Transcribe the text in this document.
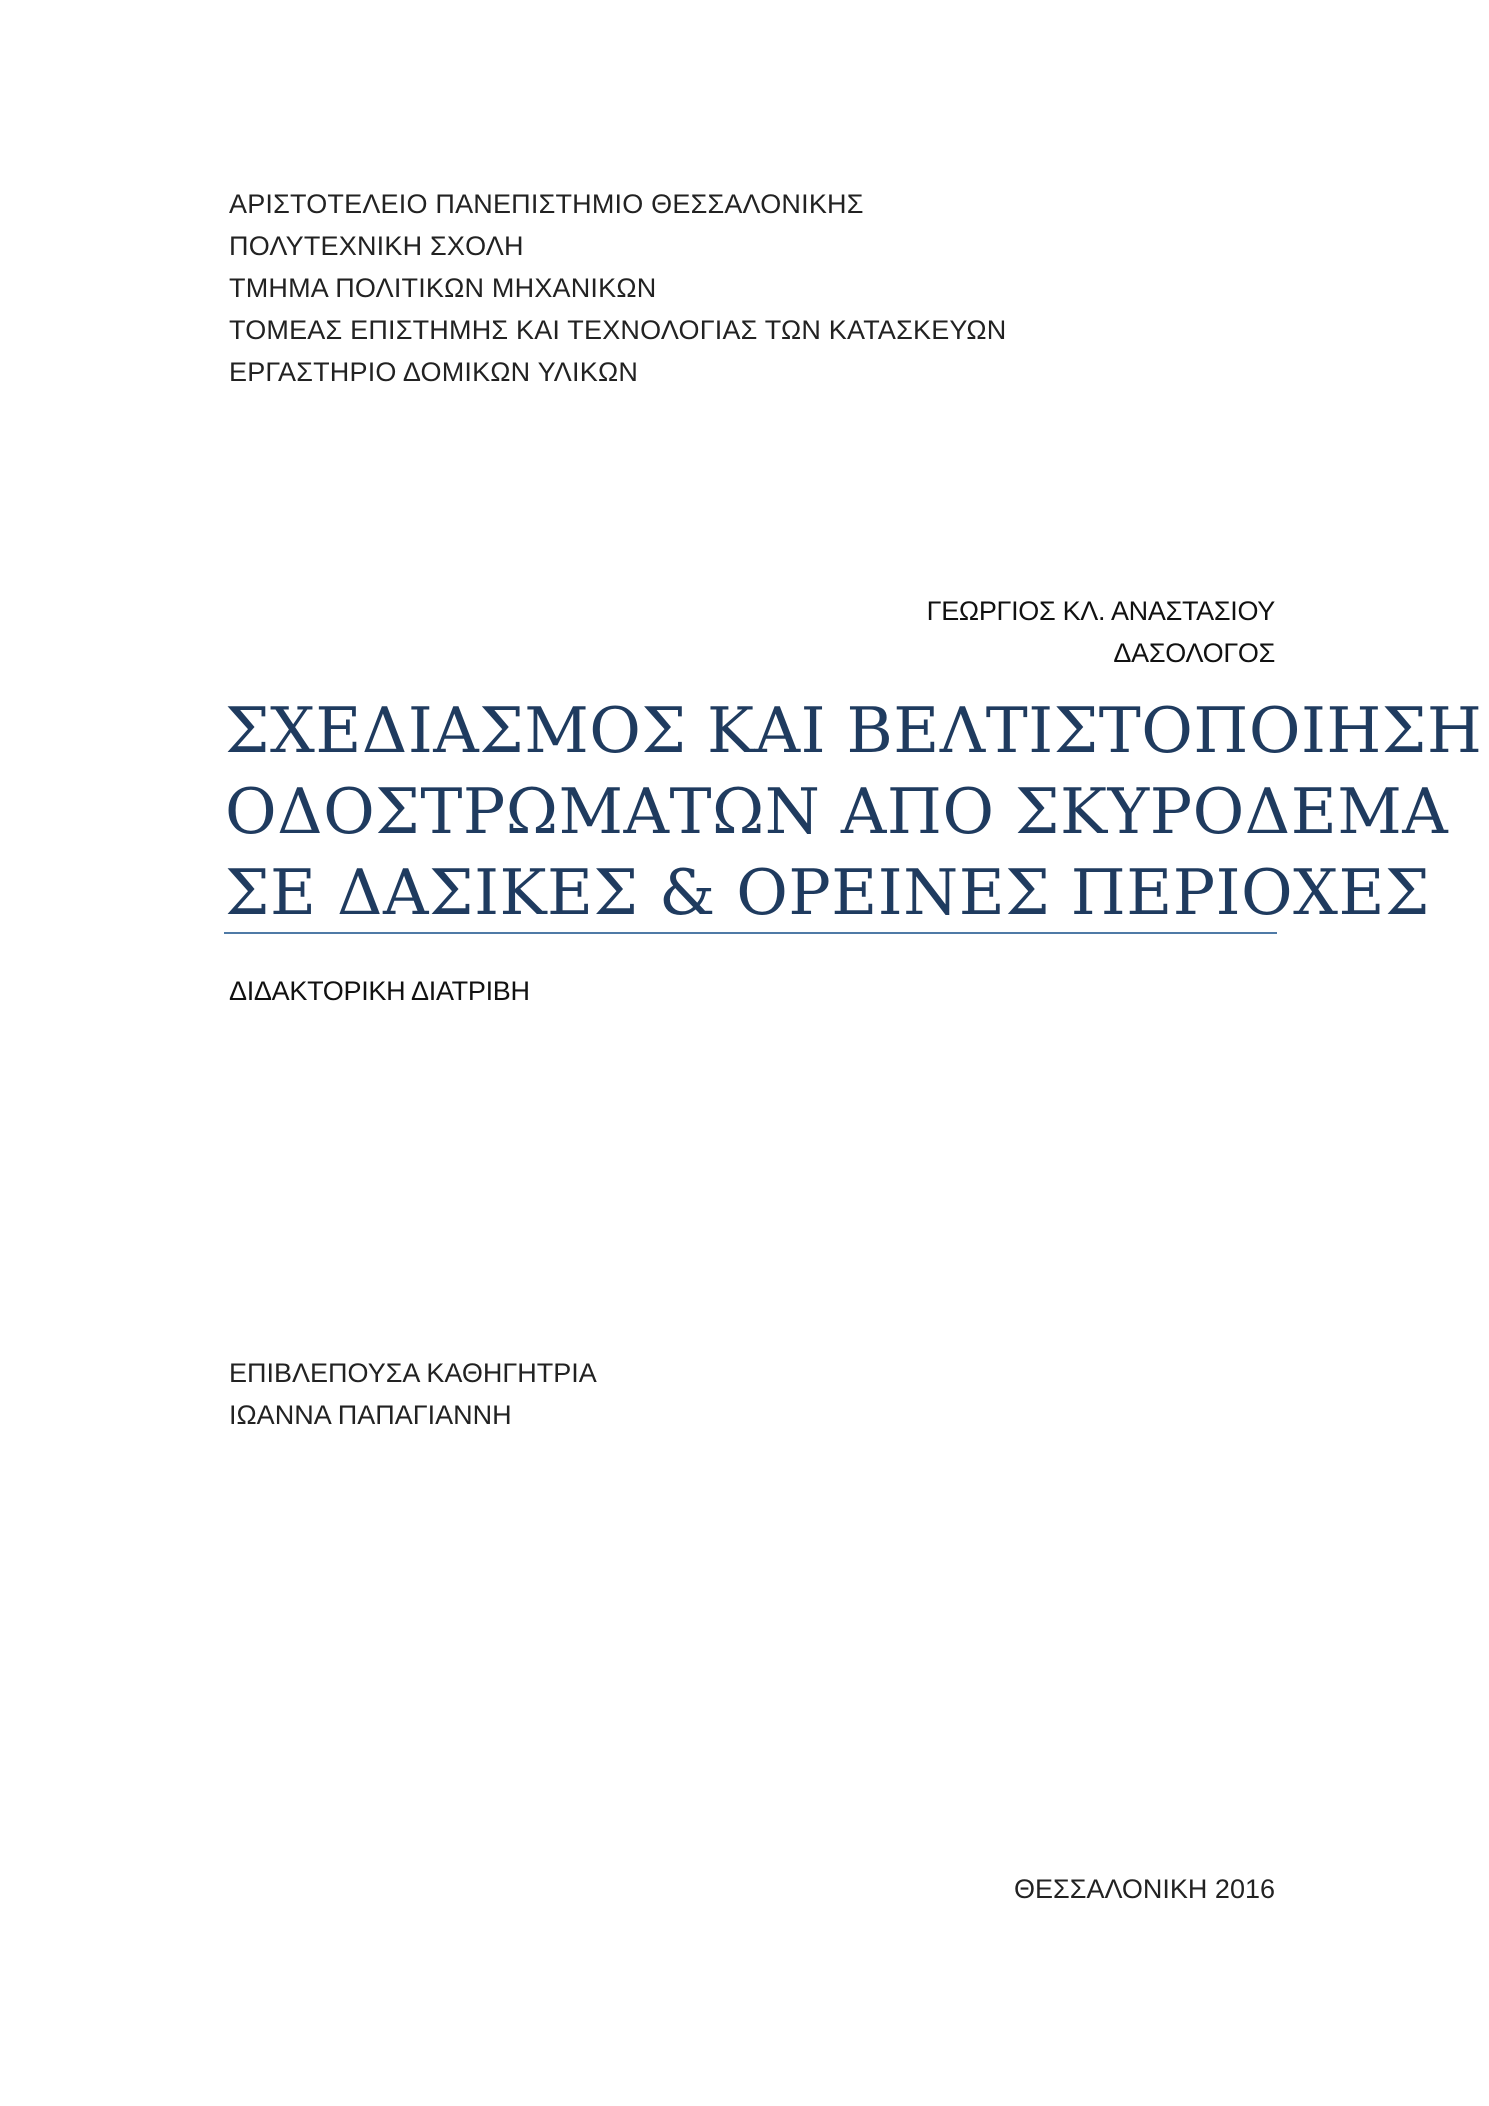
ΑΡΙΣΤΟΤΕΛΕΙΟ ΠΑΝΕΠΙΣΤΗΜΙΟ ΘΕΣΣΑΛΟΝΙΚΗΣ
ΠΟΛΥΤΕΧΝΙΚΗ ΣΧΟΛΗ
ΤΜΗΜΑ ΠΟΛΙΤΙΚΩΝ ΜΗΧΑΝΙΚΩΝ
ΤΟΜΕΑΣ ΕΠΙΣΤΗΜΗΣ ΚΑΙ ΤΕΧΝΟΛΟΓΙΑΣ ΤΩΝ ΚΑΤΑΣΚΕΥΩΝ
ΕΡΓΑΣΤΗΡΙΟ ΔΟΜΙΚΩΝ ΥΛΙΚΩΝ
ΓΕΩΡΓΙΟΣ ΚΛ. ΑΝΑΣΤΑΣΙΟΥ
ΔΑΣΟΛΟΓΟΣ
ΣΧΕΔΙΑΣΜΟΣ ΚΑΙ ΒΕΛΤΙΣΤΟΠΟΙΗΣΗ
ΟΔΟΣΤΡΩΜΑΤΩΝ ΑΠΟ ΣΚΥΡΟΔΕΜΑ
ΣΕ ΔΑΣΙΚΕΣ & ΟΡΕΙΝΕΣ ΠΕΡΙΟΧΕΣ
ΔΙΔΑΚΤΟΡΙΚΗ ΔΙΑΤΡΙΒΗ
ΕΠΙΒΛΕΠΟΥΣΑ ΚΑΘΗΓΗΤΡΙΑ
ΙΩΑΝΝΑ ΠΑΠΑΓΙΑΝΝΗ
ΘΕΣΣΑΛΟΝΙΚΗ 2016
